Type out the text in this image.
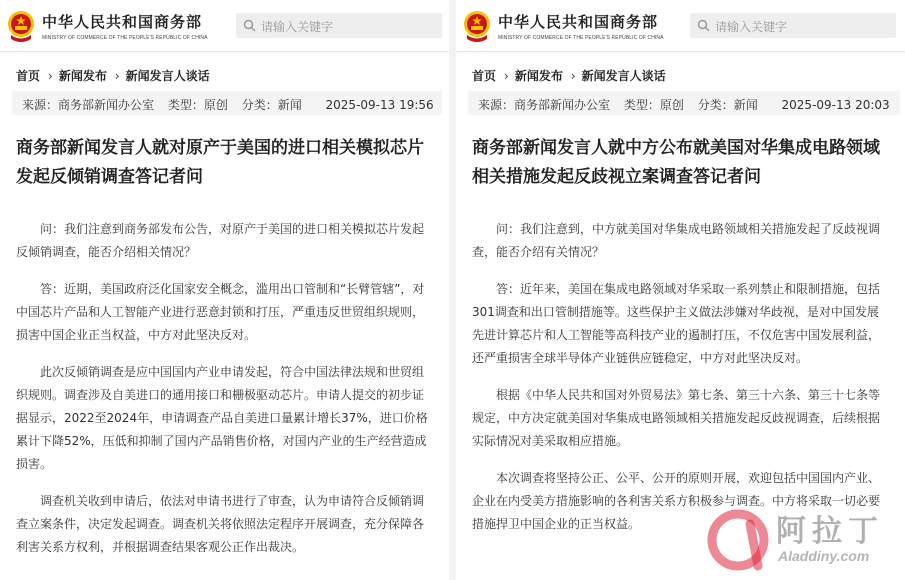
中华人民共和国商务部
MINISTRY OF COMMERCE OF THE PEOPLE'S REPUBLIC OF CHINA
请输入关键字
首页 › 新闻发布 › 新闻发言人谈话
来源：商务部新闻办公室 类型：原创 分类：新闻 2025-09-13 19:56
商务部新闻发言人就对原产于美国的进口相关模拟芯片发起反倾销调查答记者问

问：我们注意到商务部发布公告，对原产于美国的进口相关模拟芯片发起反倾销调查，能否介绍相关情况？

答：近期，美国政府泛化国家安全概念，滥用出口管制和“长臂管辖”，对中国芯片产品和人工智能产业进行恶意封锁和打压，严重违反世贸组织规则，损害中国企业正当权益，中方对此坚决反对。

此次反倾销调查是应中国国内产业申请发起，符合中国法律法规和世贸组织规则。调查涉及自美进口的通用接口和栅极驱动芯片。申请人提交的初步证据显示，2022至2024年，申请调查产品自美进口量累计增长37%，进口价格累计下降52%，压低和抑制了国内产品销售价格，对国内产业的生产经营造成损害。

调查机关收到申请后，依法对申请书进行了审查，认为申请符合反倾销调查立案条件，决定发起调查。调查机关将依照法定程序开展调查，充分保障各利害关系方权利，并根据调查结果客观公正作出裁决。

中华人民共和国商务部
MINISTRY OF COMMERCE OF THE PEOPLE'S REPUBLIC OF CHINA
请输入关键字
首页 › 新闻发布 › 新闻发言人谈话
来源：商务部新闻办公室 类型：原创 分类：新闻 2025-09-13 20:03
商务部新闻发言人就中方公布就美国对华集成电路领域相关措施发起反歧视立案调查答记者问

问：我们注意到，中方就美国对华集成电路领域相关措施发起了反歧视调查，能否介绍有关情况？

答：近年来，美国在集成电路领域对华采取一系列禁止和限制措施，包括301调查和出口管制措施等。这些保护主义做法涉嫌对华歧视，是对中国发展先进计算芯片和人工智能等高科技产业的遏制打压，不仅危害中国发展利益，还严重损害全球半导体产业链供应链稳定，中方对此坚决反对。

根据《中华人民共和国对外贸易法》第七条、第三十六条、第三十七条等规定，中方决定就美国对华集成电路领域相关措施发起反歧视调查，后续根据实际情况对美采取相应措施。

本次调查将坚持公正、公平、公开的原则开展，欢迎包括中国国内产业、企业在内受美方措施影响的各利害关系方积极参与调查。中方将采取一切必要措施捍卫中国企业的正当权益。	阿拉丁
Aladdiny.com
